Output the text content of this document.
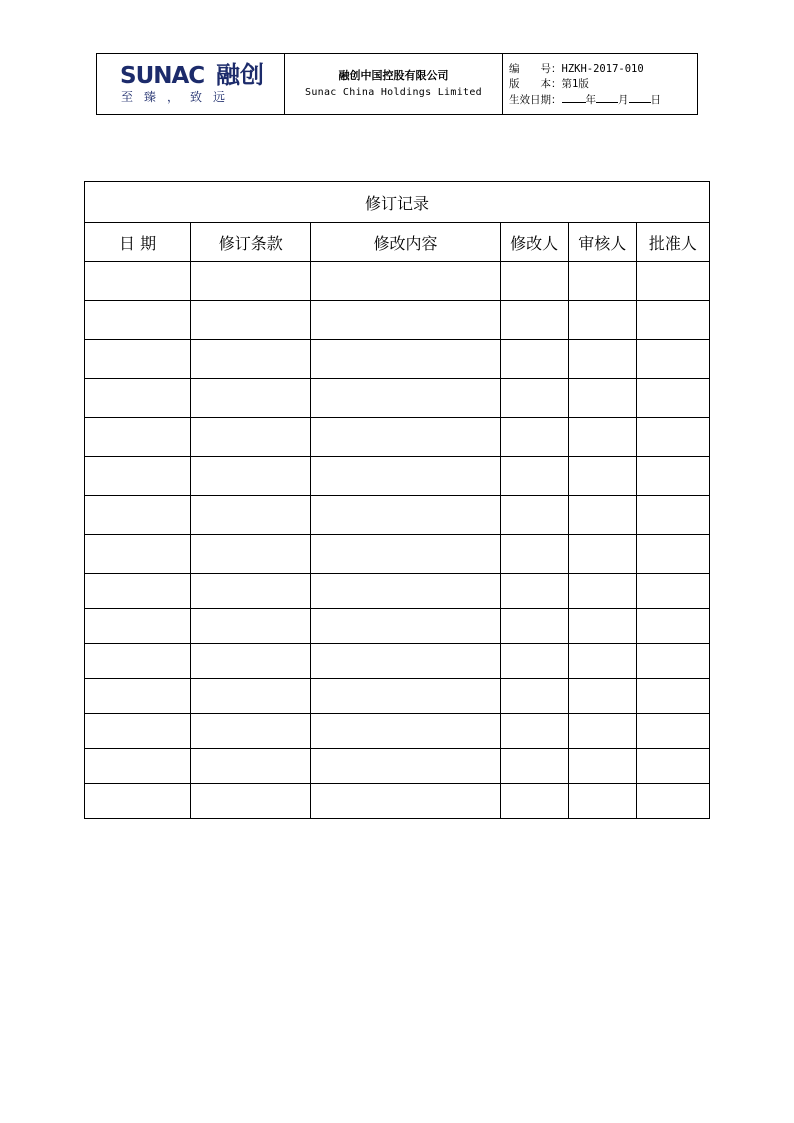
SUNAC 融创
至臻，致远
融创中国控股有限公司
Sunac China Holdings Limited
编　　号：HZKH-2017-010
版　　本：第1版
生效日期： 年 月 日
修订记录					
日 期	修订条款	修改内容	修改人	审核人	批准人
